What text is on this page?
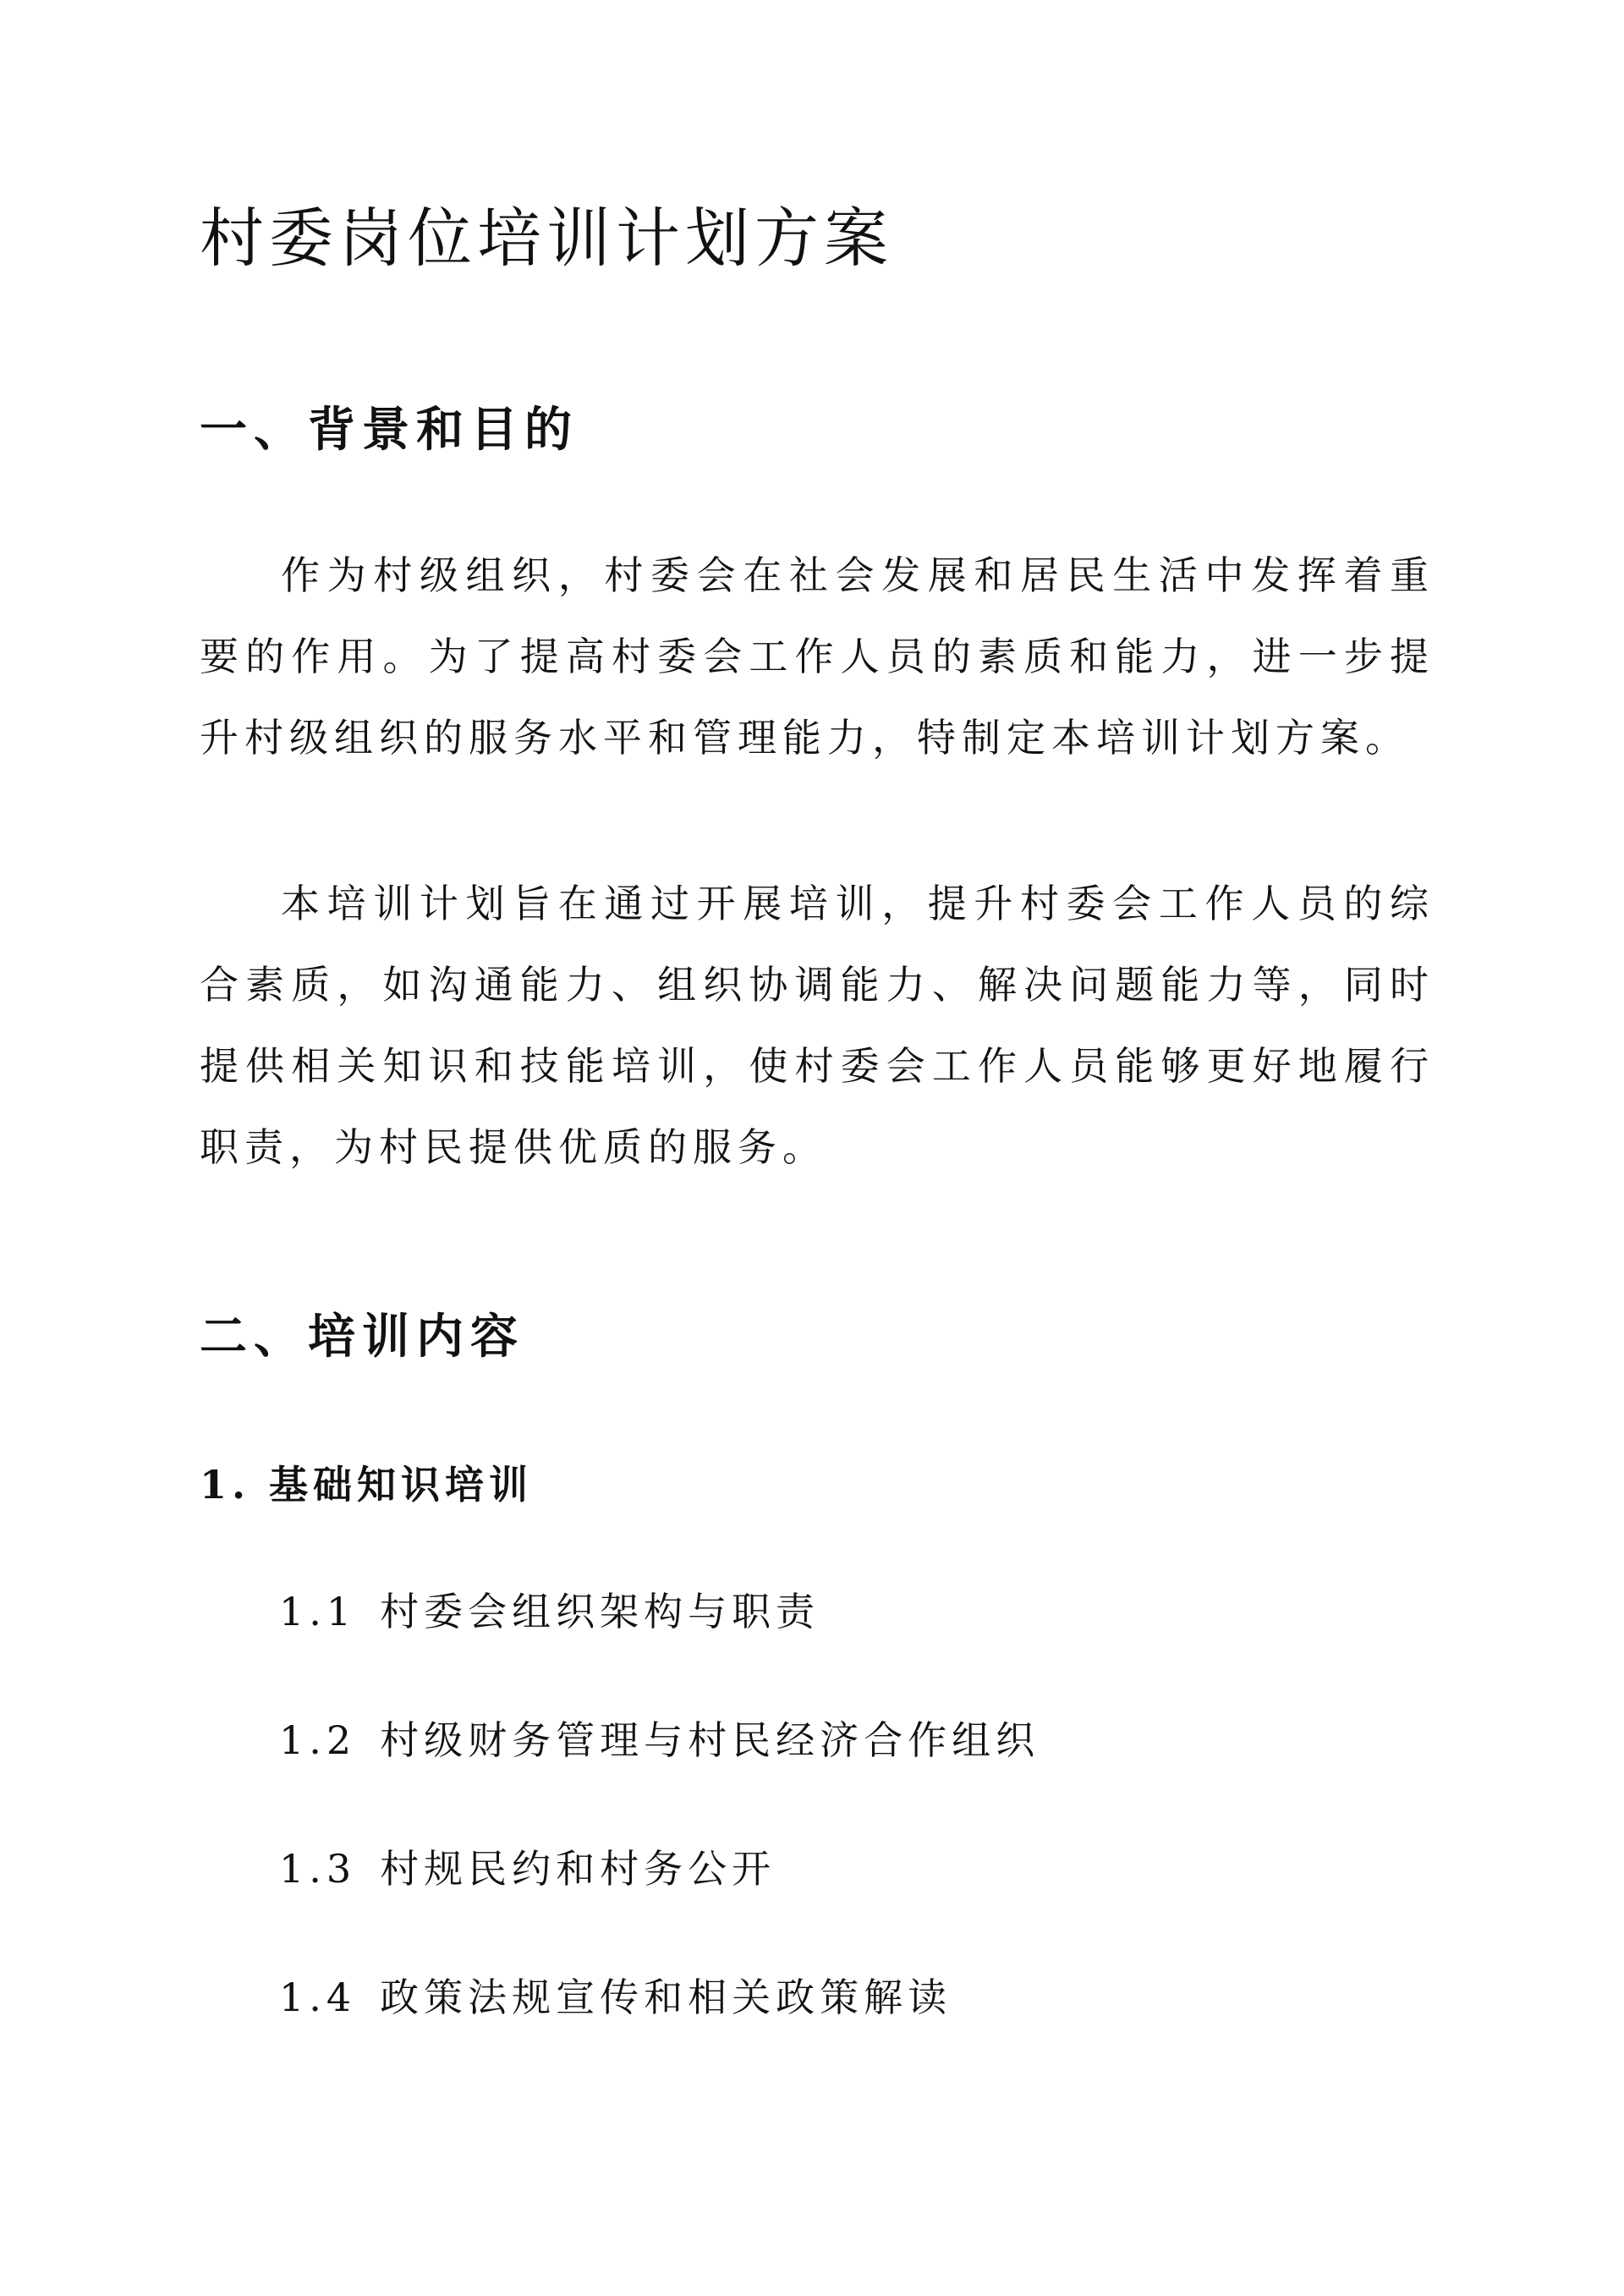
村委岗位培训计划方案
一、背景和目的

作为村级组织，村委会在社会发展和居民生活中发挥着重要的作用。为了提高村委会工作人员的素质和能力，进一步提升村级组织的服务水平和管理能力，特制定本培训计划方案。

本培训计划旨在通过开展培训，提升村委会工作人员的综合素质，如沟通能力、组织协调能力、解决问题能力等，同时提供相关知识和技能培训，使村委会工作人员能够更好地履行职责，为村民提供优质的服务。

二、培训内容
1. 基础知识培训

1.1 村委会组织架构与职责

1.2 村级财务管理与村民经济合作组织

1.3 村规民约和村务公开

1.4 政策法规宣传和相关政策解读
